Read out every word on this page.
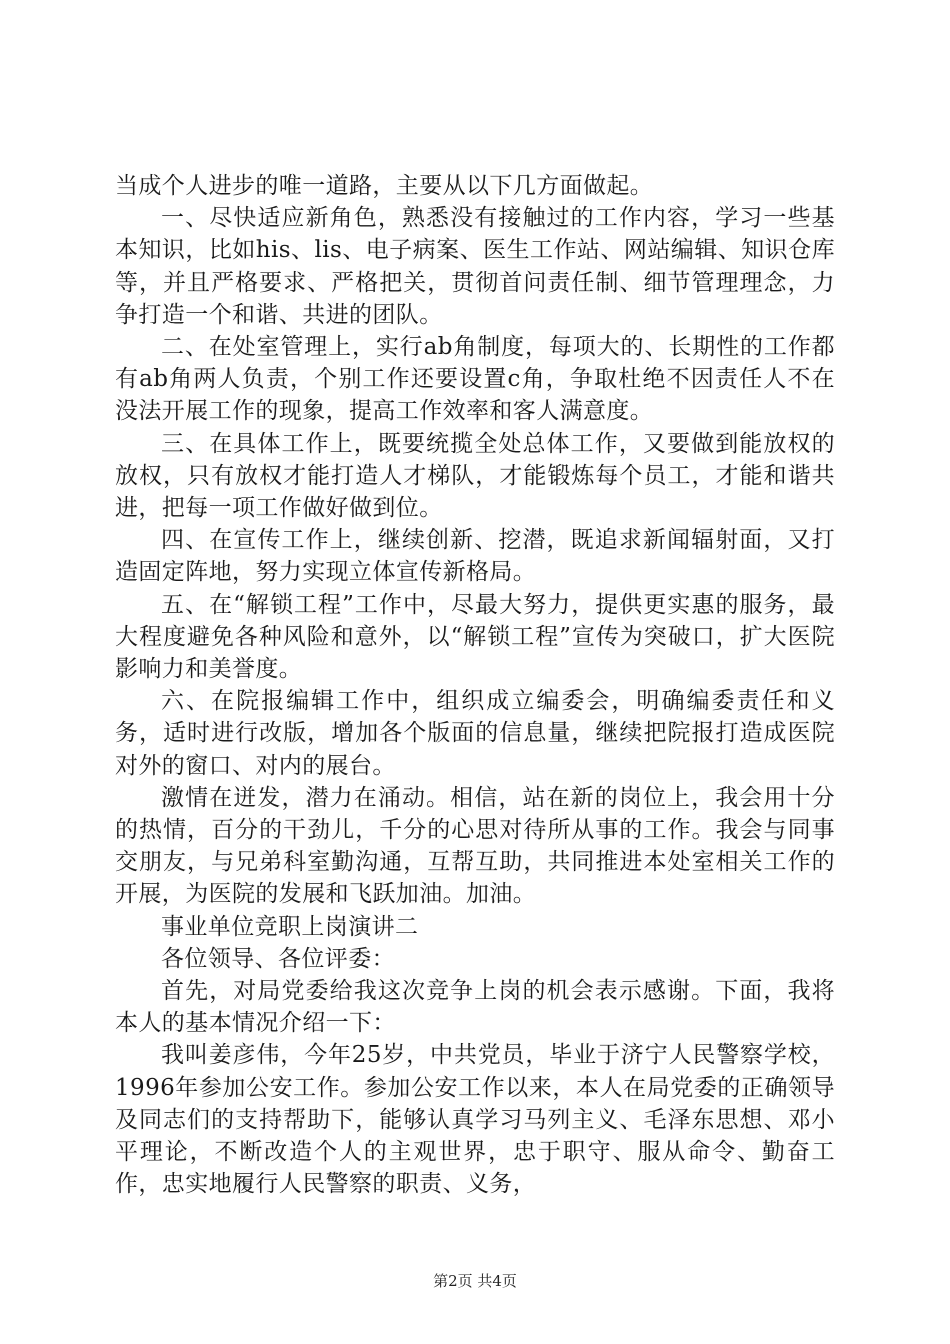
当成个人进步的唯一道路，主要从以下几方面做起。

一、尽快适应新角色，熟悉没有接触过的工作内容，学习一些基本知识，比如his、lis、电子病案、医生工作站、网站编辑、知识仓库等，并且严格要求、严格把关，贯彻首问责任制、细节管理理念，力争打造一个和谐、共进的团队。

二、在处室管理上，实行ab角制度，每项大的、长期性的工作都有ab角两人负责，个别工作还要设置c角，争取杜绝不因责任人不在没法开展工作的现象，提高工作效率和客人满意度。

三、在具体工作上，既要统揽全处总体工作，又要做到能放权的放权，只有放权才能打造人才梯队，才能锻炼每个员工，才能和谐共进，把每一项工作做好做到位。

四、在宣传工作上，继续创新、挖潜，既追求新闻辐射面，又打造固定阵地，努力实现立体宣传新格局。

五、在“解锁工程”工作中，尽最大努力，提供更实惠的服务，最大程度避免各种风险和意外，以“解锁工程”宣传为突破口，扩大医院影响力和美誉度。

六、在院报编辑工作中，组织成立编委会，明确编委责任和义务，适时进行改版，增加各个版面的信息量，继续把院报打造成医院对外的窗口、对内的展台。

激情在迸发，潜力在涌动。相信，站在新的岗位上，我会用十分的热情，百分的干劲儿，千分的心思对待所从事的工作。我会与同事交朋友，与兄弟科室勤沟通，互帮互助，共同推进本处室相关工作的开展，为医院的发展和飞跃加油。加油。

事业单位竞职上岗演讲二

各位领导、各位评委：

首先，对局党委给我这次竞争上岗的机会表示感谢。下面，我将本人的基本情况介绍一下：

我叫姜彦伟，今年25岁，中共党员，毕业于济宁人民警察学校，1996年参加公安工作。参加公安工作以来，本人在局党委的正确领导及同志们的支持帮助下，能够认真学习马列主义、毛泽东思想、邓小平理论，不断改造个人的主观世界，忠于职守、服从命令、勤奋工作，忠实地履行人民警察的职责、义务，

第2页 共4页
